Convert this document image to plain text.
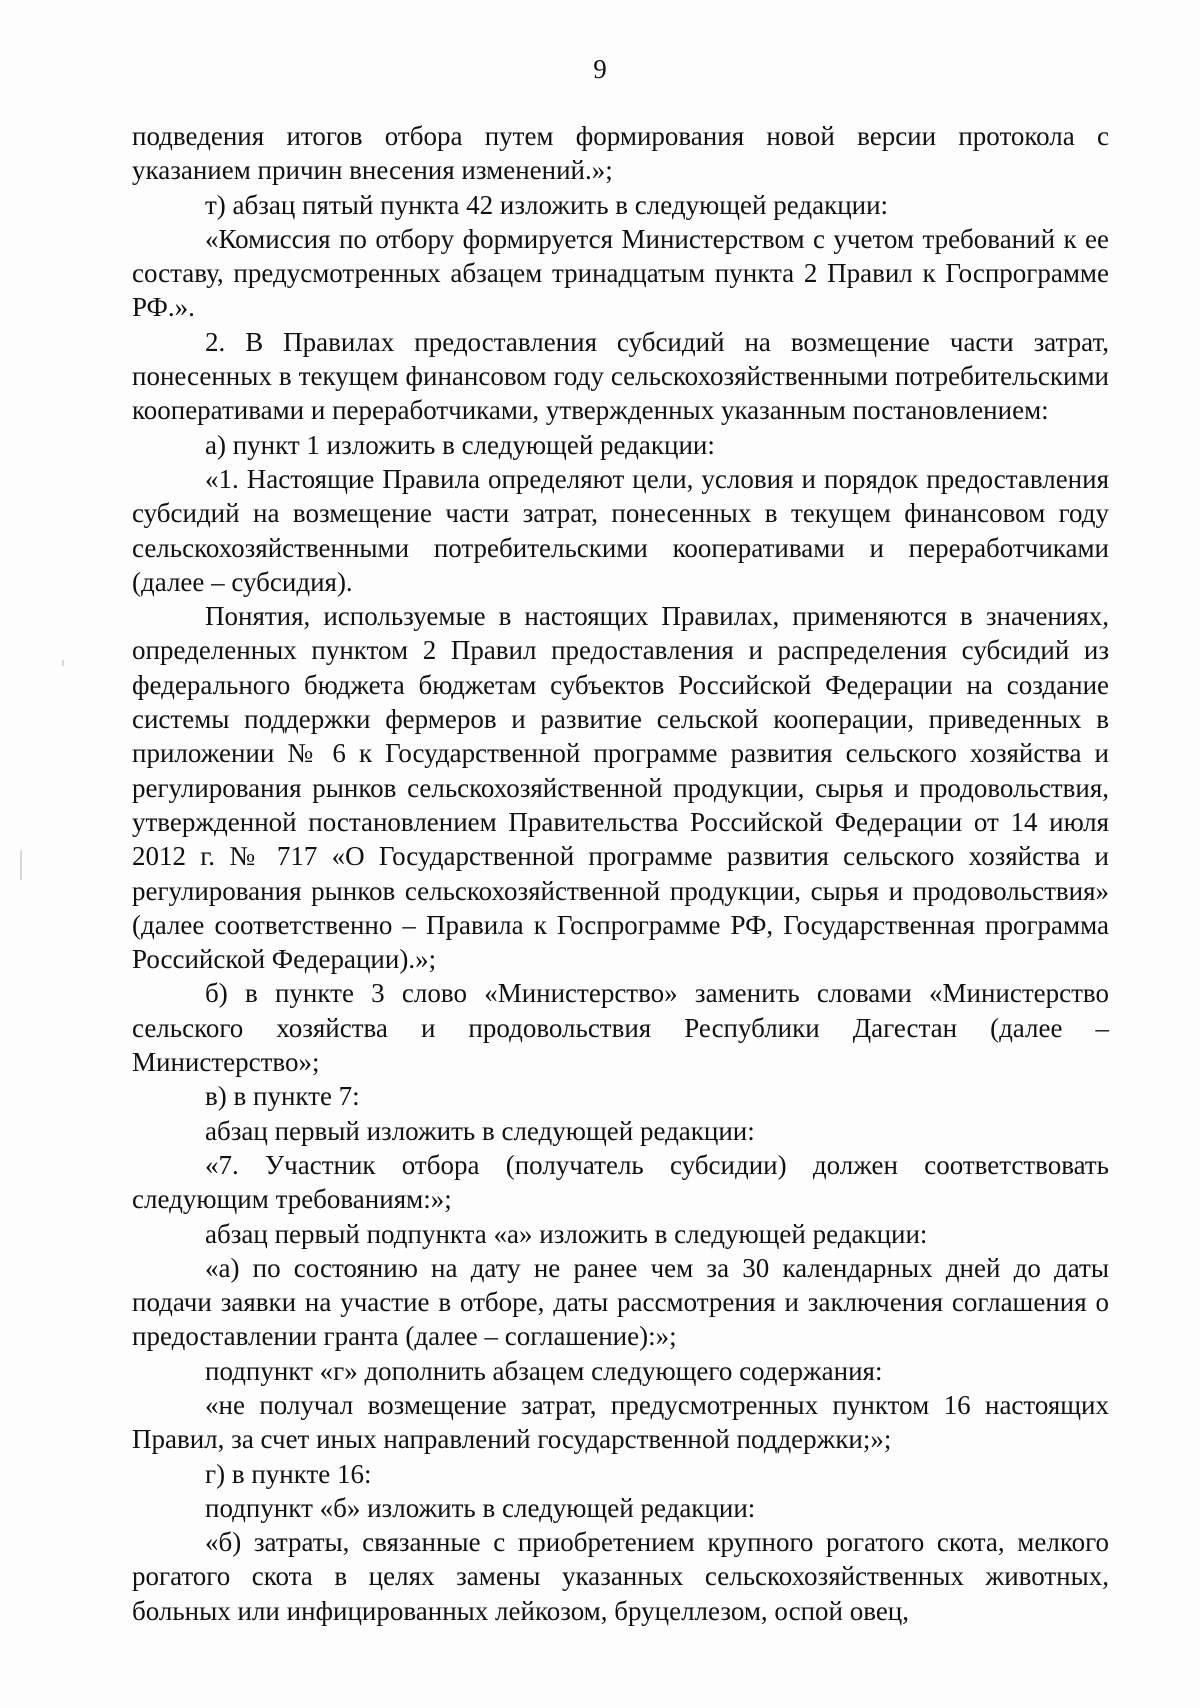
9

подведения итогов отбора путем формирования новой версии протокола с указанием причин внесения изменений.»;

т) абзац пятый пункта 42 изложить в следующей редакции:

«Комиссия по отбору формируется Министерством с учетом требований к ее составу, предусмотренных абзацем тринадцатым пункта 2 Правил к Госпрограмме РФ.».

2. В Правилах предоставления субсидий на возмещение части затрат, понесенных в текущем финансовом году сельскохозяйственными потребительскими кооперативами и переработчиками, утвержденных указанным постановлением:

а) пункт 1 изложить в следующей редакции:

«1. Настоящие Правила определяют цели, условия и порядок предоставления субсидий на возмещение части затрат, понесенных в текущем финансовом году сельскохозяйственными потребительскими кооперативами и переработчиками (далее – субсидия).

Понятия, используемые в настоящих Правилах, применяются в значениях, определенных пунктом 2 Правил предоставления и распределения субсидий из федерального бюджета бюджетам субъектов Российской Федерации на создание системы поддержки фермеров и развитие сельской кооперации, приведенных в приложении № 6 к Государственной программе развития сельского хозяйства и регулирования рынков сельскохозяйственной продукции, сырья и продовольствия, утвержденной постановлением Правительства Российской Федерации от 14 июля 2012 г. № 717 «О Государственной программе развития сельского хозяйства и регулирования рынков сельскохозяйственной продукции, сырья и продовольствия» (далее соответственно – Правила к Госпрограмме РФ, Государственная программа Российской Федерации).»;

б) в пункте 3 слово «Министерство» заменить словами «Министерство сельского хозяйства и продовольствия Республики Дагестан (далее – Министерство»;

в) в пункте 7:

абзац первый изложить в следующей редакции:

«7. Участник отбора (получатель субсидии) должен соответствовать следующим требованиям:»;

абзац первый подпункта «а» изложить в следующей редакции:

«а) по состоянию на дату не ранее чем за 30 календарных дней до даты подачи заявки на участие в отборе, даты рассмотрения и заключения соглашения о предоставлении гранта (далее – соглашение):»;

подпункт «г» дополнить абзацем следующего содержания:

«не получал возмещение затрат, предусмотренных пунктом 16 настоящих Правил, за счет иных направлений государственной поддержки;»;

г) в пункте 16:

подпункт «б» изложить в следующей редакции:

«б) затраты, связанные с приобретением крупного рогатого скота, мелкого рогатого скота в целях замены указанных сельскохозяйственных животных, больных или инфицированных лейкозом, бруцеллезом, оспой овец,
